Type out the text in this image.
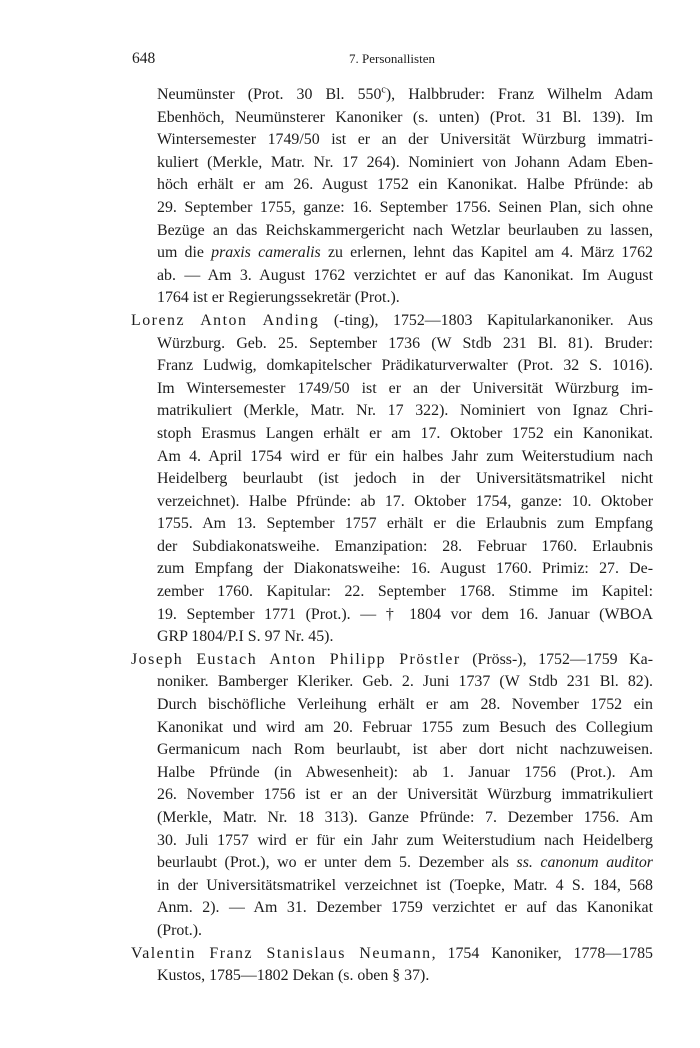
648	7. Personallisten
Neumünster (Prot. 30 Bl. 550$^c$), Halbbruder: Franz Wilhelm Adam
Ebenhöch, Neumünsterer Kanoniker (s. unten) (Prot. 31 Bl. 139). Im
Wintersemester 1749/50 ist er an der Universität Würzburg immatri-
kuliert (Merkle, Matr. Nr. 17 264). Nominiert von Johann Adam Eben-
höch erhält er am 26. August 1752 ein Kanonikat. Halbe Pfründe: ab
29. September 1755, ganze: 16. September 1756. Seinen Plan, sich ohne
Bezüge an das Reichskammergericht nach Wetzlar beurlauben zu lassen,
um die praxis cameralis zu erlernen, lehnt das Kapitel am 4. März 1762
ab. — Am 3. August 1762 verzichtet er auf das Kanonikat. Im August
1764 ist er Regierungssekretär (Prot.).
Lorenz Anton Anding (-ting), 1752—1803 Kapitularkanoniker. Aus
Würzburg. Geb. 25. September 1736 (W Stdb 231 Bl. 81). Bruder:
Franz Ludwig, domkapitelscher Prädikaturverwalter (Prot. 32 S. 1016).
Im Wintersemester 1749/50 ist er an der Universität Würzburg im-
matrikuliert (Merkle, Matr. Nr. 17 322). Nominiert von Ignaz Chri-
stoph Erasmus Langen erhält er am 17. Oktober 1752 ein Kanonikat.
Am 4. April 1754 wird er für ein halbes Jahr zum Weiterstudium nach
Heidelberg beurlaubt (ist jedoch in der Universitätsmatrikel nicht
verzeichnet). Halbe Pfründe: ab 17. Oktober 1754, ganze: 10. Oktober
1755. Am 13. September 1757 erhält er die Erlaubnis zum Empfang
der Subdiakonatsweihe. Emanzipation: 28. Februar 1760. Erlaubnis
zum Empfang der Diakonatsweihe: 16. August 1760. Primiz: 27. De-
zember 1760. Kapitular: 22. September 1768. Stimme im Kapitel:
19. September 1771 (Prot.). — † 1804 vor dem 16. Januar (WBOA
GRP 1804/P.I S. 97 Nr. 45).
Joseph Eustach Anton Philipp Pröstler (Pröss-), 1752—1759 Ka-
noniker. Bamberger Kleriker. Geb. 2. Juni 1737 (W Stdb 231 Bl. 82).
Durch bischöfliche Verleihung erhält er am 28. November 1752 ein
Kanonikat und wird am 20. Februar 1755 zum Besuch des Collegium
Germanicum nach Rom beurlaubt, ist aber dort nicht nachzuweisen.
Halbe Pfründe (in Abwesenheit): ab 1. Januar 1756 (Prot.). Am
26. November 1756 ist er an der Universität Würzburg immatrikuliert
(Merkle, Matr. Nr. 18 313). Ganze Pfründe: 7. Dezember 1756. Am
30. Juli 1757 wird er für ein Jahr zum Weiterstudium nach Heidelberg
beurlaubt (Prot.), wo er unter dem 5. Dezember als ss. canonum auditor
in der Universitätsmatrikel verzeichnet ist (Toepke, Matr. 4 S. 184, 568
Anm. 2). — Am 31. Dezember 1759 verzichtet er auf das Kanonikat
(Prot.).
Valentin Franz Stanislaus Neumann, 1754 Kanoniker, 1778—1785
Kustos, 1785—1802 Dekan (s. oben § 37).
